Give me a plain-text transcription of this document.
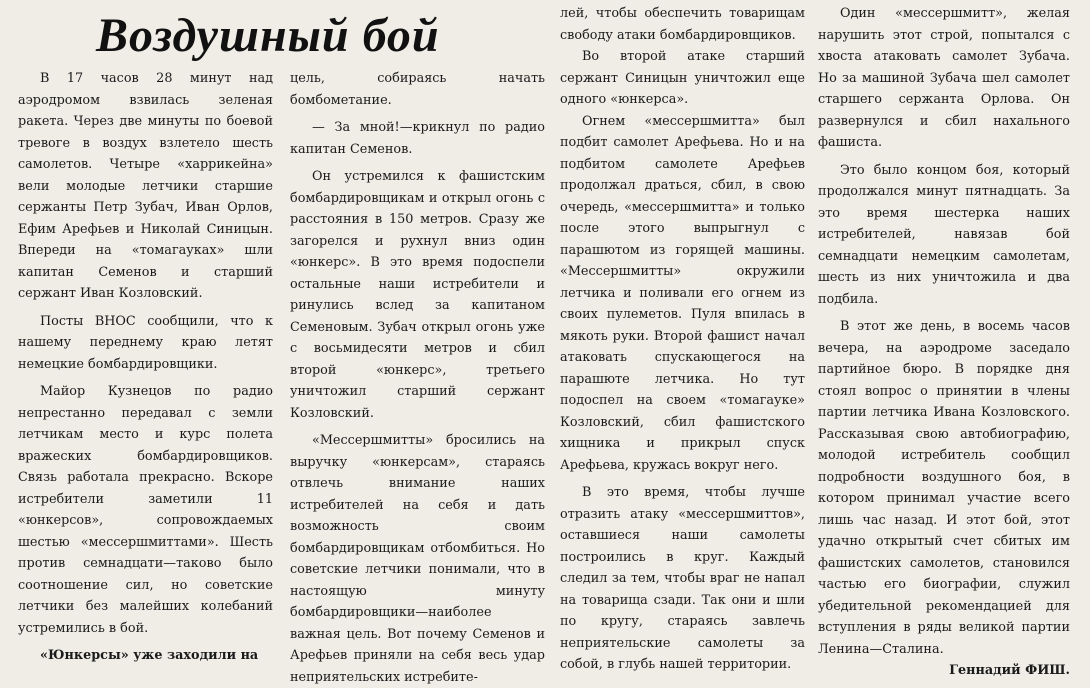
Воздушный бой

В 17 часов 28 минут над аэродромом взвилась зеленая ракета. Через две минуты по боевой тревоге в воздух взлетело шесть самолетов. Четыре «харрикейна» вели молодые летчики старшие сержанты Петр Зубач, Иван Орлов, Ефим Арефьев и Николай Синицын. Впереди на «томагауках» шли капитан Семенов и старший сержант Иван Козловский.

Посты ВНОС сообщили, что к нашему переднему краю летят немецкие бомбардировщики.

Майор Кузнецов по радио непрестанно передавал с земли летчикам место и курс полета вражеских бомбардировщиков. Связь работала прекрасно. Вскоре истребители заметили 11 «юнкерсов», сопровождаемых шестью «мессершмиттами». Шесть против семнадцати—таково было соотношение сил, но советские летчики без малейших колебаний устремились в бой.

«Юнкерсы» уже заходили на

цель, собираясь начать бомбометание.

— За мной!—крикнул по радио капитан Семенов.

Он устремился к фашистским бомбардировщикам и открыл огонь с расстояния в 150 метров. Сразу же загорелся и рухнул вниз один «юнкерс». В это время подоспели остальные наши истребители и ринулись вслед за капитаном Семеновым. Зубач открыл огонь уже с восьмидесяти метров и сбил второй «юнкерс», третьего уничтожил старший сержант Козловский.

«Мессершмитты» бросились на выручку «юнкерсам», стараясь отвлечь внимание наших истребителей на себя и дать возможность своим бомбардировщикам отбомбиться. Но советские летчики понимали, что в настоящую минуту бомбардировщики—наиболее важная цель. Вот почему Семенов и Арефьев приняли на себя весь удар неприятельских истребите-

лей, чтобы обеспечить товарищам свободу атаки бомбардировщиков.

Во второй атаке старший сержант Синицын уничтожил еще одного «юнкерса».

Огнем «мессершмитта» был подбит самолет Арефьева. Но и на подбитом самолете Арефьев продолжал драться, сбил, в свою очередь, «мессершмитта» и только после этого выпрыгнул с парашютом из горящей машины. «Мессершмитты» окружили летчика и поливали его огнем из своих пулеметов. Пуля впилась в мякоть руки. Второй фашист начал атаковать спускающегося на парашюте летчика. Но тут подоспел на своем «томагауке» Козловский, сбил фашистского хищника и прикрыл спуск Арефьева, кружась вокруг него.

В это время, чтобы лучше отразить атаку «мессершмиттов», оставшиеся наши самолеты построились в круг. Каждый следил за тем, чтобы враг не напал на товарища сзади. Так они и шли по кругу, стараясь завлечь неприятельские самолеты за собой, в глубь нашей территории.

Один «мессершмитт», желая нарушить этот строй, попытался с хвоста атаковать самолет Зубача. Но за машиной Зубача шел самолет старшего сержанта Орлова. Он развернулся и сбил нахального фашиста.

Это было концом боя, который продолжался минут пятнадцать. За это время шестерка наших истребителей, навязав бой семнадцати немецким самолетам, шесть из них уничтожила и два подбила.

В этот же день, в восемь часов вечера, на аэродроме заседало партийное бюро. В порядке дня стоял вопрос о принятии в члены партии летчика Ивана Козловского. Рассказывая свою автобиографию, молодой истребитель сообщил подробности воздушного боя, в котором принимал участие всего лишь час назад. И этот бой, этот удачно открытый счет сбитых им фашистских самолетов, становился частью его биографии, служил убедительной рекомендацией для вступления в ряды великой партии Ленина—Сталина.

Геннадий ФИШ.
